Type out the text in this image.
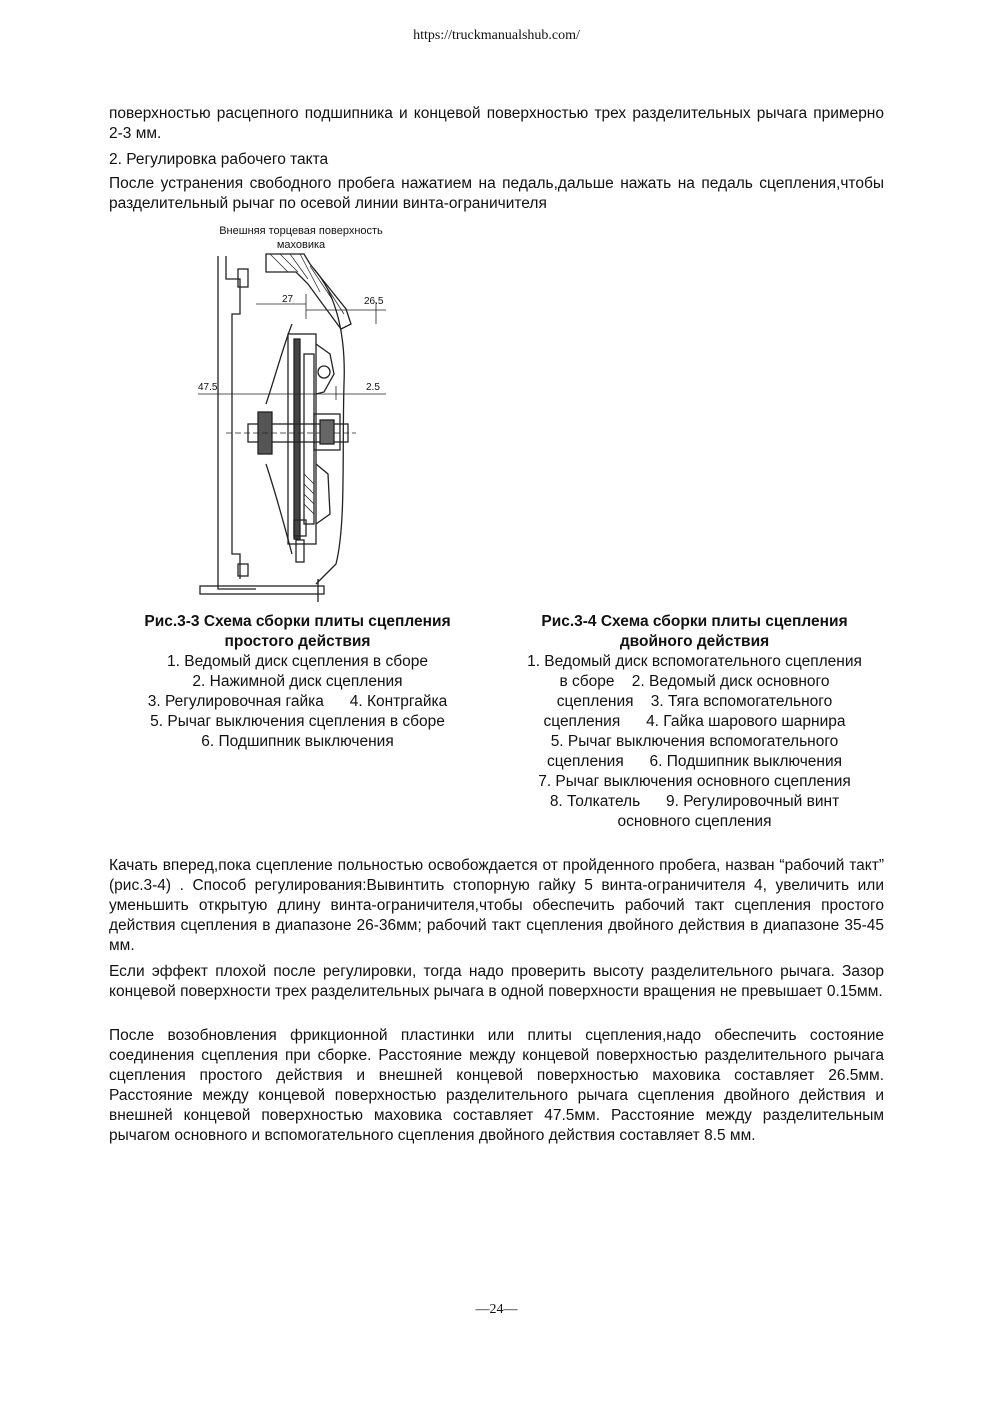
https://truckmanualshub.com/

поверхностью расцепного подшипника и концевой поверхностью трех разделительных рычага примерно 2-3 мм.

2. Регулировка рабочего такта

После устранения свободного пробега нажатием на педаль,дальше нажать на педаль сцепления,чтобы разделительный рычаг по осевой линии винта-ограничителя

Внешняя торцевая поверхность
маховика
27	26.5
47.5	2.5
Рис.3-3 Схема сборки плиты сцепления
простого действия
1. Ведомый диск сцепления в сборе
2. Нажимной диск сцепления
3. Регулировочная гайка      4. Контргайка
5. Рычаг выключения сцепления в сборе
6. Подшипник выключения
Рис.3-4 Схема сборки плиты сцепления
двойного действия
1. Ведомый диск вспомогательного сцепления
в сборе    2. Ведомый диск основного
сцепления    3. Тяга вспомогательного
сцепления      4. Гайка шарового шарнира
5. Рычаг выключения вспомогательного
сцепления      6. Подшипник выключения
7. Рычаг выключения основного сцепления
8. Толкатель      9. Регулировочный винт
основного сцепления

Качать вперед,пока сцепление польностью освобождается от пройденного пробега, назван “рабочий такт” (рис.3-4) . Способ регулирования:Вывинтить стопорную гайку 5 винта-ограничителя 4, увеличить или уменьшить открытую длину винта-ограничителя,чтобы обеспечить рабочий такт сцепления простого действия сцепления в диапазоне 26-36мм; рабочий такт сцепления двойного действия в диапазоне 35-45 мм.

Если эффект плохой после регулировки, тогда надо проверить высоту разделительного рычага. Зазор концевой поверхности трех разделительных рычага в одной поверхности вращения не превышает 0.15мм.

После возобновления фрикционной пластинки или плиты сцепления,надо обеспечить состояние соединения сцепления при сборке. Расстояние между концевой поверхностью разделительного рычага сцепления простого действия и внешней концевой поверхностью маховика составляет 26.5мм. Расстояние между концевой поверхностью разделительного рычага сцепления двойного действия и внешней концевой поверхностью маховика составляет 47.5мм. Расстояние между разделительным рычагом основного и вспомогательного сцепления двойного действия составляет 8.5 мм.

—24—
